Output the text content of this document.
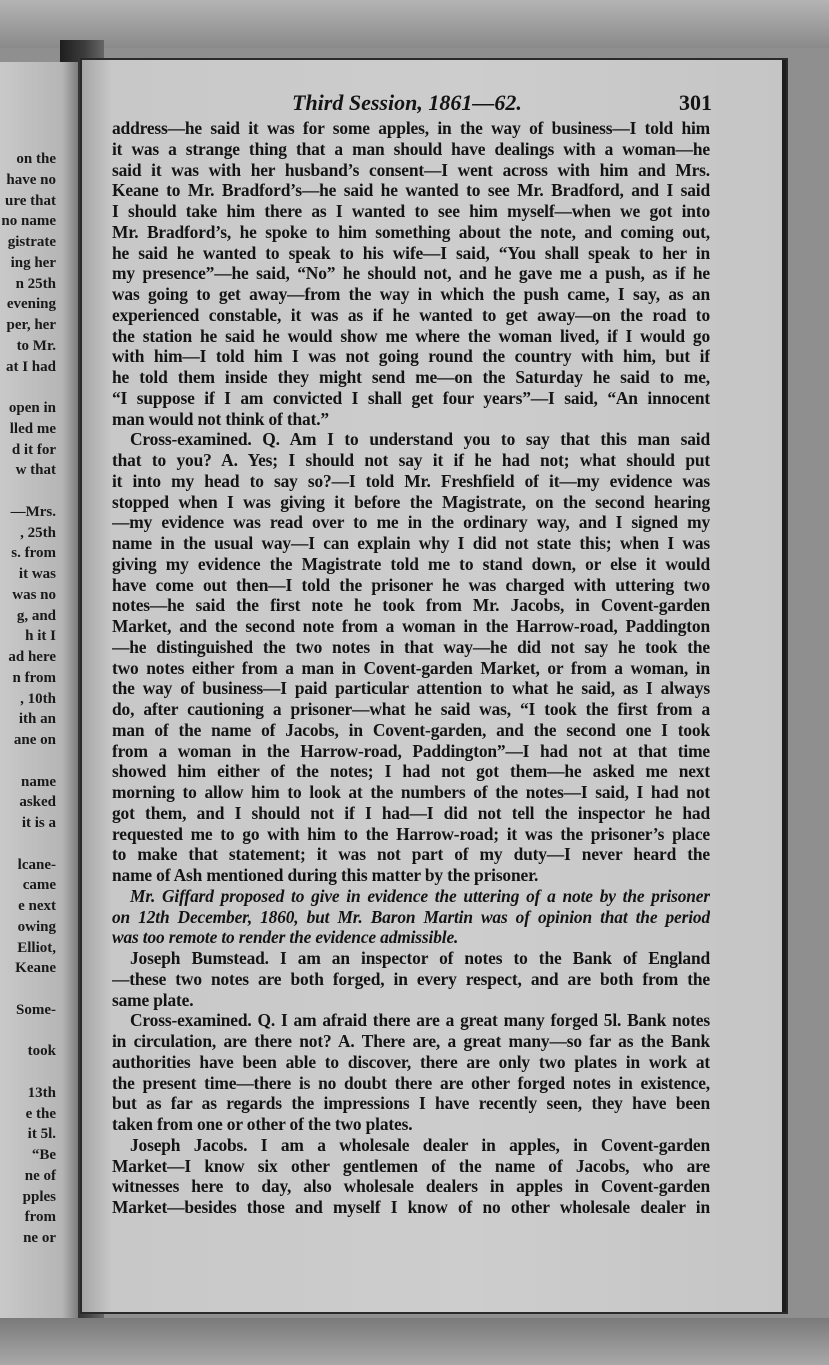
on the
have no
ure that
no name
gistrate
ing her
n 25th
evening
per, her
to Mr.
at I had
open in
lled me
d it for
w that
—Mrs.
, 25th
s. from
it was
was no
g, and
h it I
ad here
n from
, 10th
ith an
ane on
name
asked
it is a
lcane-
came
e next
owing
Elliot,
Keane
Some-
took
13th
e the
it 5l.
“Be
ne of
pples
from
ne or
Third Session, 1861—62.	301
address—he said it was for some apples, in the way of business—I told him
it was a strange thing that a man should have dealings with a woman—he
said it was with her husband’s consent—I went across with him and Mrs.
Keane to Mr. Bradford’s—he said he wanted to see Mr. Bradford, and I said
I should take him there as I wanted to see him myself—when we got into
Mr. Bradford’s, he spoke to him something about the note, and coming out,
he said he wanted to speak to his wife—I said, “You shall speak to her in
my presence”—he said, “No” he should not, and he gave me a push, as if he
was going to get away—from the way in which the push came, I say, as an
experienced constable, it was as if he wanted to get away—on the road to
the station he said he would show me where the woman lived, if I would go
with him—I told him I was not going round the country with him, but if
he told them inside they might send me—on the Saturday he said to me,
“I suppose if I am convicted I shall get four years”—I said, “An innocent
man would not think of that.”
Cross-examined. Q. Am I to understand you to say that this man said
that to you? A. Yes; I should not say it if he had not; what should put
it into my head to say so?—I told Mr. Freshfield of it—my evidence was
stopped when I was giving it before the Magistrate, on the second hearing
—my evidence was read over to me in the ordinary way, and I signed my
name in the usual way—I can explain why I did not state this; when I was
giving my evidence the Magistrate told me to stand down, or else it would
have come out then—I told the prisoner he was charged with uttering two
notes—he said the first note he took from Mr. Jacobs, in Covent-garden
Market, and the second note from a woman in the Harrow-road, Paddington
—he distinguished the two notes in that way—he did not say he took the
two notes either from a man in Covent-garden Market, or from a woman, in
the way of business—I paid particular attention to what he said, as I always
do, after cautioning a prisoner—what he said was, “I took the first from a
man of the name of Jacobs, in Covent-garden, and the second one I took
from a woman in the Harrow-road, Paddington”—I had not at that time
showed him either of the notes; I had not got them—he asked me next
morning to allow him to look at the numbers of the notes—I said, I had not
got them, and I should not if I had—I did not tell the inspector he had
requested me to go with him to the Harrow-road; it was the prisoner’s place
to make that statement; it was not part of my duty—I never heard the
name of Ash mentioned during this matter by the prisoner.
Mr. Giffard proposed to give in evidence the uttering of a note by the prisoner
on 12th December, 1860, but Mr. Baron Martin was of opinion that the period
was too remote to render the evidence admissible.
Joseph Bumstead. I am an inspector of notes to the Bank of England
—these two notes are both forged, in every respect, and are both from the
same plate.
Cross-examined. Q. I am afraid there are a great many forged 5l. Bank notes
in circulation, are there not? A. There are, a great many—so far as the Bank
authorities have been able to discover, there are only two plates in work at
the present time—there is no doubt there are other forged notes in existence,
but as far as regards the impressions I have recently seen, they have been
taken from one or other of the two plates.
Joseph Jacobs. I am a wholesale dealer in apples, in Covent-garden
Market—I know six other gentlemen of the name of Jacobs, who are
witnesses here to day, also wholesale dealers in apples in Covent-garden
Market—besides those and myself I know of no other wholesale dealer in
